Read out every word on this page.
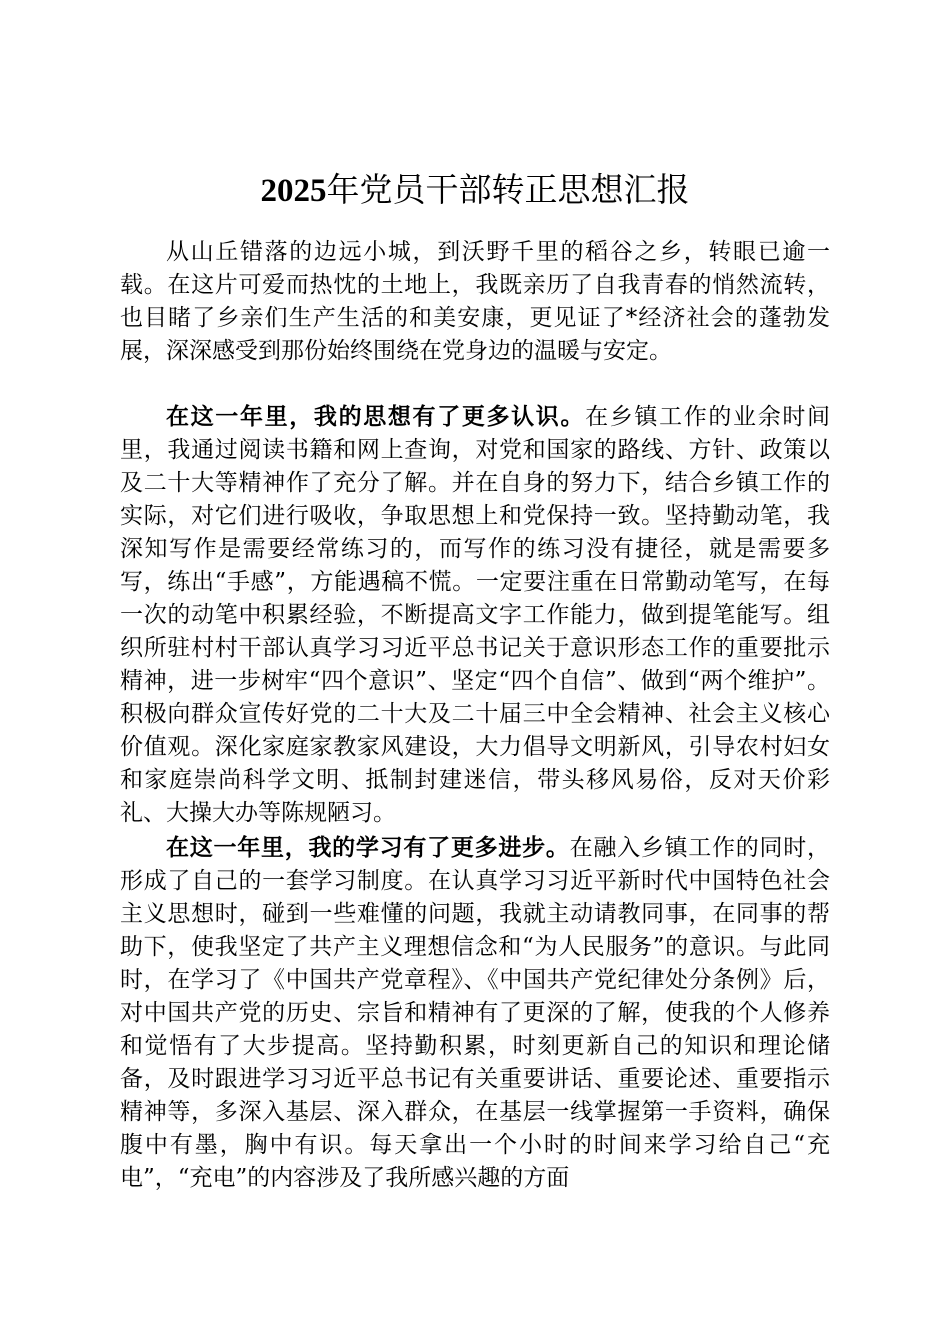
2025年党员干部转正思想汇报

从山丘错落的边远小城，到沃野千里的稻谷之乡，转眼已逾一载。在这片可爱而热忱的土地上，我既亲历了自我青春的悄然流转，也目睹了乡亲们生产生活的和美安康，更见证了*经济社会的蓬勃发展，深深感受到那份始终围绕在党身边的温暖与安定。

在这一年里，我的思想有了更多认识。在乡镇工作的业余时间里，我通过阅读书籍和网上查询，对党和国家的路线、方针、政策以及二十大等精神作了充分了解。并在自身的努力下，结合乡镇工作的实际，对它们进行吸收，争取思想上和党保持一致。坚持勤动笔，我深知写作是需要经常练习的，而写作的练习没有捷径，就是需要多写，练出“手感”，方能遇稿不慌。一定要注重在日常勤动笔写，在每一次的动笔中积累经验，不断提高文字工作能力，做到提笔能写。组织所驻村村干部认真学习习近平总书记关于意识形态工作的重要批示精神，进一步树牢“四个意识”、坚定“四个自信”、做到“两个维护”。积极向群众宣传好党的二十大及二十届三中全会精神、社会主义核心价值观。深化家庭家教家风建设，大力倡导文明新风，引导农村妇女和家庭崇尚科学文明、抵制封建迷信，带头移风易俗，反对天价彩礼、大操大办等陈规陋习。

在这一年里，我的学习有了更多进步。在融入乡镇工作的同时，形成了自己的一套学习制度。在认真学习习近平新时代中国特色社会主义思想时，碰到一些难懂的问题，我就主动请教同事，在同事的帮助下，使我坚定了共产主义理想信念和“为人民服务”的意识。与此同时，在学习了《中国共产党章程》、《中国共产党纪律处分条例》后，对中国共产党的历史、宗旨和精神有了更深的了解，使我的个人修养和觉悟有了大步提高。坚持勤积累，时刻更新自己的知识和理论储备，及时跟进学习习近平总书记有关重要讲话、重要论述、重要指示精神等，多深入基层、深入群众，在基层一线掌握第一手资料，确保腹中有墨，胸中有识。每天拿出一个小时的时间来学习给自己“充电”，“充电”的内容涉及了我所感兴趣的方面
